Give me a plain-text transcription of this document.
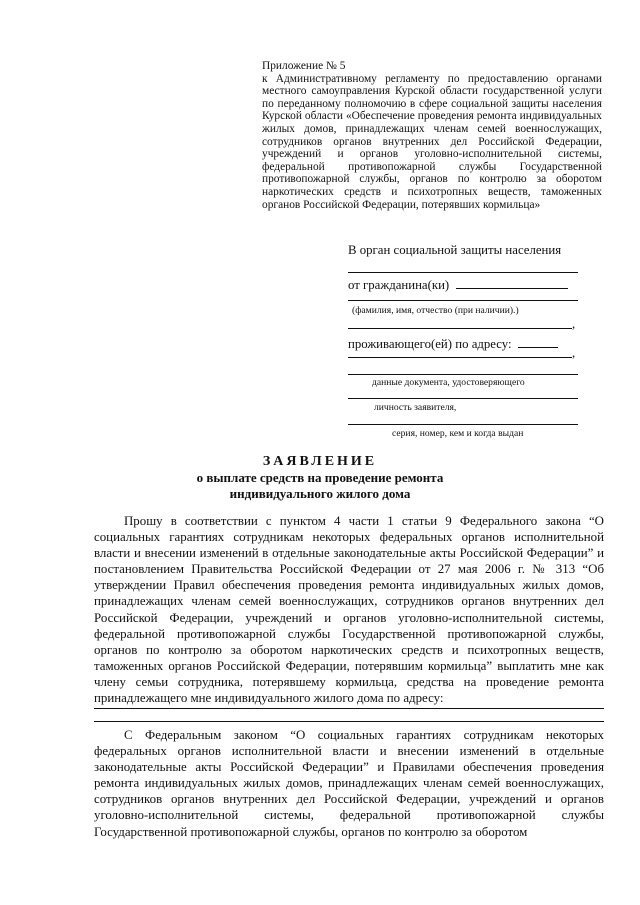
Приложение № 5
к Административному регламенту по предоставлению органами местного самоуправления Курской области государственной услуги по переданному полномочию в сфере социальной защиты населения Курской области «Обеспечение проведения ремонта индивидуальных жилых домов, принадлежащих членам семей военнослужащих, сотрудников органов внутренних дел Российской Федерации, учреждений и органов уголовно-исполнительной системы, федеральной противопожарной службы Государственной противопожарной службы, органов по контролю за оборотом наркотических средств и психотропных веществ, таможенных органов Российской Федерации, потерявших кормильца»
В орган социальной защиты населения
от гражданина(ки)
(фамилия, имя, отчество (при наличии).)
,
проживающего(ей) по адресу:
,
данные документа, удостоверяющего
личность заявителя,
серия, номер, кем и когда выдан
ЗАЯВЛЕНИЕ
о выплате средств на проведение ремонта
индивидуального жилого дома
Прошу в соответствии с пунктом 4 части 1 статьи 9 Федерального закона “О социальных гарантиях сотрудникам некоторых федеральных органов исполнительной власти и внесении изменений в отдельные законодательные акты Российской Федерации” и постановлением Правительства Российской Федерации от 27 мая 2006 г. № 313 “Об утверждении Правил обеспечения проведения ремонта индивидуальных жилых домов, принадлежащих членам семей военнослужащих, сотрудников органов внутренних дел Российской Федерации, учреждений и органов уголовно-исполнительной системы, федеральной противопожарной службы Государственной противопожарной службы, органов по контролю за оборотом наркотических средств и психотропных веществ, таможенных органов Российской Федерации, потерявшим кормильца” выплатить мне как члену семьи сотрудника, потерявшему кормильца, средства на проведение ремонта принадлежащего мне индивидуального жилого дома по адресу:
С Федеральным законом “О социальных гарантиях сотрудникам некоторых федеральных органов исполнительной власти и внесении изменений в отдельные законодательные акты Российской Федерации” и Правилами обеспечения проведения ремонта индивидуальных жилых домов, принадлежащих членам семей военнослужащих, сотрудников органов внутренних дел Российской Федерации, учреждений и органов уголовно-исполнительной системы, федеральной противопожарной службы Государственной противопожарной службы, органов по контролю за оборотом
